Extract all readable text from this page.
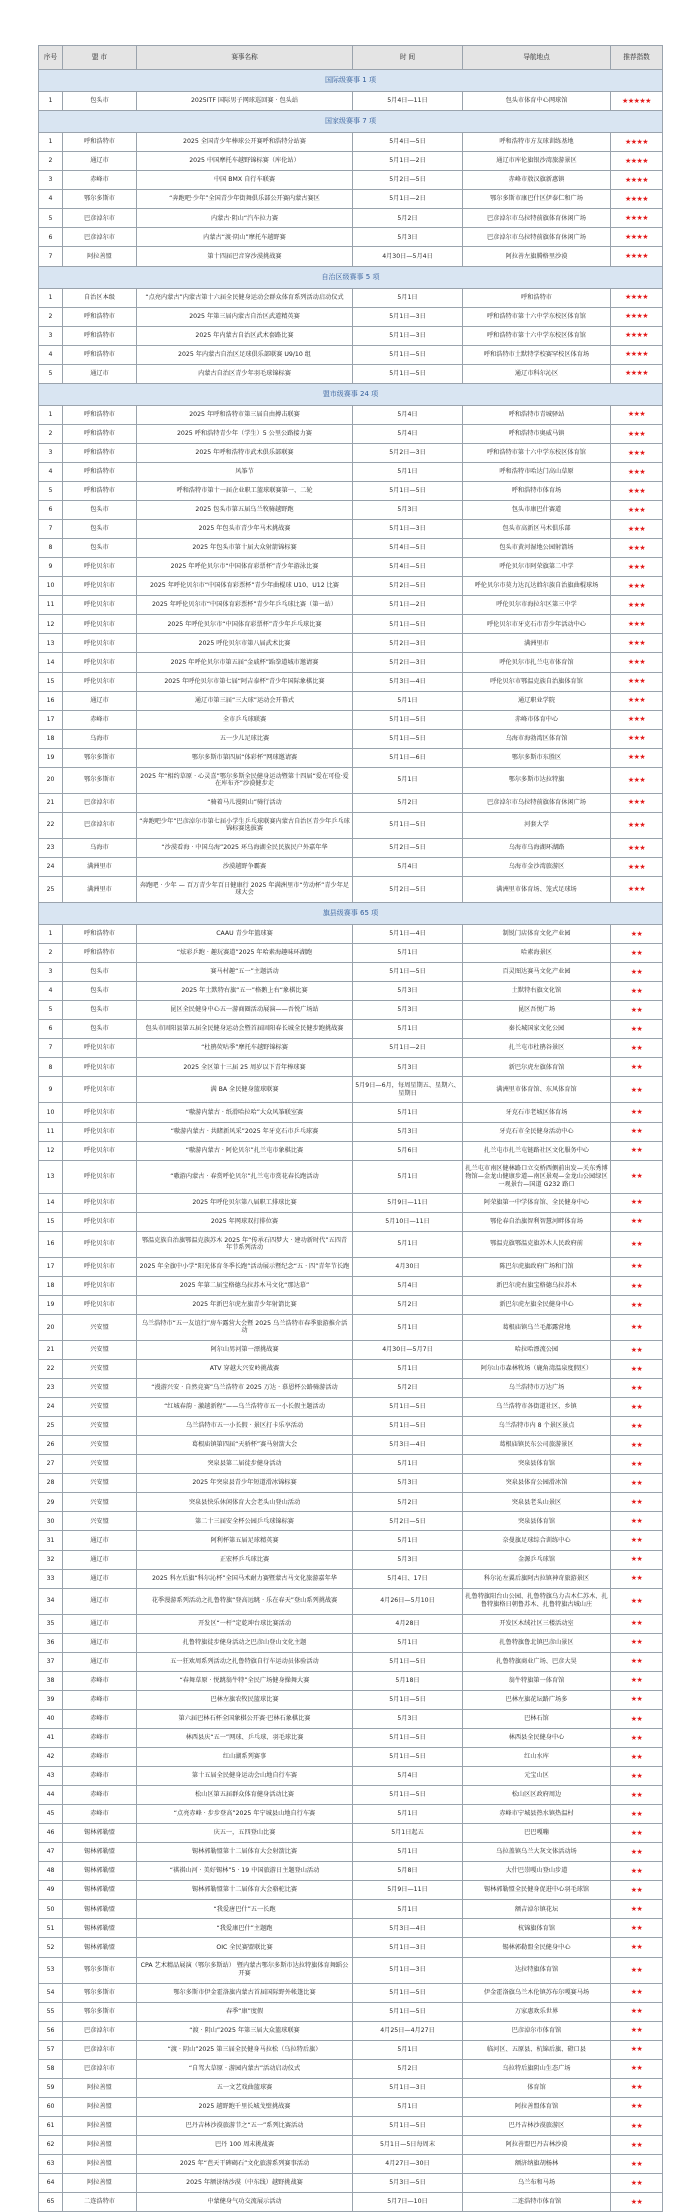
序号	盟 市	赛事名称	时 间	导航地点	推荐指数
国际级赛事 1 项					
1	包头市	2025ITF 国际男子网球巡回赛 · 包头站	5月4日—11日	包头市体育中心网球馆	★★★★★
国家级赛事 7 项					
1	呼和浩特市	2025 全国青少年棒球公开赛呼和浩特分站赛	5月4日—5日	呼和浩特市方友球训练基地	★★★★
2	通辽市	2025 中国摩托车越野锦标赛（库伦站）	5月1日—2日	通辽市库伦旗银沙湾旅游景区	★★★★
3	赤峰市	中国 BMX 自行车联赛	5月2日—5日	赤峰市敖汉旗新惠镇	★★★★
4	鄂尔多斯市	“奔跑吧·少年”全国青少年街舞俱乐部公开赛内蒙古赛区	5月1日—2日	鄂尔多斯市康巴什区伊泰仁和广场	★★★★
5	巴彦淖尔市	内蒙古·阴山“汽车拉力赛	5月2日	巴彦淖尔市乌拉特前旗体育休闲广场	★★★★
6	巴彦淖尔市	内蒙古“渡·阴山”摩托车越野赛	5月3日	巴彦淖尔市乌拉特前旗体育休闲广场	★★★★
7	阿拉善盟	第十四届巴音穿沙漠挑战赛	4月30日—5月4日	阿拉善左旗腾格里沙漠	★★★★
自治区级赛事 5 项					
1	自治区本级	“点亮内蒙古”内蒙古第十六届全民健身运动会群众体育系列活动启动仪式	5月1日	呼和浩特市	★★★★
2	呼和浩特市	2025 年第三届内蒙古自治区武道精英赛	5月1日—3日	呼和浩特市第十六中学东校区体育馆	★★★★
3	呼和浩特市	2025 年内蒙古自治区武术套路比赛	5月1日—3日	呼和浩特市第十六中学东校区体育馆	★★★★
4	呼和浩特市	2025 年内蒙古自治区足球俱乐部联赛 U9/10 组	5月1日—5日	呼和浩特市土默特学校赛罕校区体育场	★★★★
5	通辽市	内蒙古自治区青少年羽毛球锦标赛	5月1日—5日	通辽市科尔沁区	★★★★
盟市级赛事 24 项					
1	呼和浩特市	2025 年呼和浩特市第三届自由搏击联赛	5月4日	呼和浩特市青城驿站	★★★
2	呼和浩特市	2025 呼和浩特青少年（学生）5 公里公路接力赛	5月4日	呼和浩特市奥威马镇	★★★
3	呼和浩特市	2025 年呼和浩特市武术俱乐部联赛	5月2日—3日	呼和浩特市第十六中学东校区体育馆	★★★
4	呼和浩特市	风筝节	5月1日	呼和浩特市哈达门高山草原	★★★
5	呼和浩特市	呼和浩特市第十一届企业职工篮球联赛第一、二轮	5月1日—5日	呼和浩特市体育场	★★★
6	包头市	2025 包头市第五届乌兰牧骑越野跑	5月3日	包头市康巴什赛道	★★★
7	包头市	2025 年包头市青少年马术挑战赛	5月1日—3日	包头市高新区马术俱乐部	★★★
8	包头市	2025 年包头市第十届大众射箭锦标赛	5月4日—5日	包头市黄河湿地公园射箭场	★★★
9	呼伦贝尔市	2025 年呼伦贝尔市“中国体育彩票杯”青少年游泳比赛	5月4日—5日	呼伦贝尔市阿荣旗第二中学	★★★
10	呼伦贝尔市	2025 年呼伦贝尔市“中国体育彩票杯”青少年曲棍球 U10、U12 比赛	5月2日—5日	呼伦贝尔市莫力达瓦达斡尔族自治旗曲棍球场	★★★
11	呼伦贝尔市	2025 年呼伦贝尔市“中国体育彩票杯”青少年乒乓球比赛（第一站）	5月1日—2日	呼伦贝尔市海拉尔区第三中学	★★★
12	呼伦贝尔市	2025 年呼伦贝尔市“中国体育彩票杯”青少年乒乓球比赛	5月1日—5日	呼伦贝尔市牙克石市青少年活动中心	★★★
13	呼伦贝尔市	2025 呼伦贝尔市第八届武术比赛	5月2日—3日	满洲里市	★★★
14	呼伦贝尔市	2025 年呼伦贝尔市第五届“金戚杯”跆拳道城市邀请赛	5月2日—3日	呼伦贝尔市扎兰屯市体育馆	★★★
15	呼伦贝尔市	2025 年呼伦贝尔市第七届“阿吉泰杯”青少年国际象棋比赛	5月3日—4日	呼伦贝尔市鄂温克族自治旗体育馆	★★★
16	通辽市	通辽市第三届“三大球”运动会开幕式	5月1日	通辽职业学院	★★★
17	赤峰市	全市乒乓球联赛	5月1日—5日	赤峰市体育中心	★★★
18	乌海市	五一少儿足球比赛	5月1日—5日	乌海市海勃湾区体育馆	★★★
19	鄂尔多斯市	鄂尔多斯市第四届“体彩杯”网球邀请赛	5月1日—6日	鄂尔多斯市东胜区	★★★
20	鄂尔多斯市	2025 年“相约草原 · 心灵喜”鄂尔多斯全民健身运动暨第十四届“爱在可俭·爱在库布齐”沙漠健步走	5月1日	鄂尔多斯市达拉特旗	★★★
21	巴彦淖尔市	“骑着马儿漫阴山”骑行活动	5月2日	巴彦淖尔市乌拉特前旗体育休闲广场	★★★
22	巴彦淖尔市	“奔跑吧少年”巴彦淖尔市第七届小学生乒乓球联赛内蒙古自治区青少年乒乓球锦标赛选拔赛	5月1日—5日	河套大学	★★★
23	乌海市	“沙漠看海 · 中国乌海”2025 环乌海湖全民民族民户外嘉年华	5月2日—5日	乌海市乌海湖环湖路	★★★
24	满洲里市	沙漠越野争霸赛	5月4日	乌海市金沙湾旅游区	★★★
25	满洲里市	奔跑吧 · 少年 — 百万青少年百日健康行 2025 年满洲里市“劳动杯”青少年足球大会	5月2日—5日	满洲里市体育场、笼式足球场	★★★
旗县级赛事 65 项					
1	呼和浩特市	CAAU 青少年篮球赛	5月1日—4日	制锐门店体育文化产业园	★★
2	呼和浩特市	“炫彩乒跑 · 趣玩赛道”2025 年哈素海趣味环湖跑	5月1日	哈素海景区	★★
3	包头市	赛马村趣“五一”主题活动	5月1日—5日	百灵图达赛马文化产业园	★★
4	包头市	2025 年土默特右旗“五一”格鹅上右“象棋比赛	5月3日	土默特右旗文化馆	★★
5	包头市	昆区全民健身中心五一游商圈活动展演——吾悦广场站	5月3日	昆区吾悦广场	★★
6	包头市	包头市固阳县第五届全民健身运动会暨首届固阳春长城全民健步跑挑战赛	5月1日	秦长城国家文化公园	★★
7	呼伦贝尔市	“杜鹃荧咕季”摩托车越野锦标赛	5月1日—2日	扎兰屯市杜鹃谷景区	★★
8	呼伦贝尔市	2025 全区第十三届 25 周岁以下青年棒球赛	5月3日	新巴尔虎左旗体育馆	★★
9	呼伦贝尔市	满 BA 全民健身篮球联赛	5月9日—6月，每周星期五、星期六、星期日	满洲里市体育馆、东风体育馆	★★
10	呼伦贝尔市	“嗷游内蒙古 · 纸滑哈拉哈”大众风筝联室赛	5月1日	牙克石市老城区体育场	★★
11	呼伦贝尔市	“嗷游内蒙古 · 共睹新风采”2025 年牙克石市乒乓球赛	5月3日	牙克石市全民健身活动中心	★★
12	呼伦贝尔市	“嗷游内蒙古 · 阿伦贝尔”扎兰屯市象棋比赛	5月6日	扎兰屯市扎兰屯链路社区文化服务中心	★★
13	呼伦贝尔市	“嗷游内蒙古 · 春赏呼伦贝尔”扎兰屯市赏花春长跑活动	5月1日	扎兰屯市南区健林路口立交桥西侧前出发—关东秀博物馆—金龙山健康步道—南区景观—金龙山公园绿区一观景台—国道 G232 路口	★★
14	呼伦贝尔市	2025 年呼伦贝尔第八届职工排球比赛	5月9日—11日	阿荣旗第一中学体育馆、全民健身中心	★★
15	呼伦贝尔市	2025 年网球双打排位赛	5月10日—11日	鄂伦春自治旗智利智慧河畔体育场	★★
16	呼伦贝尔市	鄂温克族自治旗鄂温克族苏木 2025 年“传承石四梦大 · 建功新时代”五四青年节系列活动	5月1日	鄂温克旗鄂温克旗苏木人民政府前	★★
17	呼伦贝尔市	2025 年全旗中小学“阳光体育冬季长跑”活动展示暨纪念“五 · 四”青年节长跑	4月30日	陈巴尔虎旗政府广场和门馆	★★
18	呼伦贝尔市	2025 年第二届宝格德乌拉苏木马文化“那达慕”	5月4日	新巴尔虎右旗宝格德乌拉苏木	★★
19	呼伦贝尔市	2025 年新巴尔虎左旗青少年射箭比赛	5月2日	新巴尔虎左旗全民健身中心	★★
20	兴安盟	乌兰浩特市“五一友谊行”房车露营大会暨 2025 乌兰浩特市春季旅游推介活动	5月1日	葛根庙镇乌兰毛都露营地	★★
21	兴安盟	阿尔山男河第一漂挑战赛	4月30日—5月7日	哈拉哈漂流公园	★★
22	兴安盟	ATV 穿越大兴安岭挑战赛	5月1日	阿尔山市森林牧场（鹿角湾温泉度假区）	★★
23	兴安盟	“漫游兴安 · 自然竞赛”乌兰浩特市 2025 万达 · 慕恩杯公路骑游活动	5月2日	乌兰浩特市万达广场	★★
24	兴安盟	“红城春韵 · 激越新程”——乌兰浩特市五一小长假主题活动	5月1日—5日	乌兰浩特市各街道社区、乡镇	★★
25	兴安盟	乌兰浩特市五一小长假 · 景区打卡乐享活动	5月1日—5日	乌兰浩特市内 8 个景区景点	★★
26	兴安盟	葛根庙镇第四届“天骄杯”赛马射箭大会	5月3日—4日	葛根庙镇民东公司旅游景区	★★
27	兴安盟	突泉县第二届徒步健身活动	5月1日	突泉县体育馆	★★
28	兴安盟	2025 年突泉县青少年短道滑冰锦标赛	5月3日	突泉县体育公园滑冰馆	★★
29	兴安盟	突泉县快乐休闲体育大会老头山登山活动	5月2日	突泉县老头山景区	★★
30	兴安盟	第二十三届安全杯公园乒乓球锦标赛	5月2日—5日	突泉县体育馆	★★
31	通辽市	阿利杯第五届足球精英赛	5月1日	奈曼旗足球综合训练中心	★★
32	通辽市	正宏杯乒乓球比赛	5月3日	金源乒乓球馆	★★
33	通辽市	2025 科左后旗“科尔沁杯”全国马术耐力赛暨蒙古马文化旅游嘉年华	5月4日、17日	科尔沁左翼后旗阿古拉镇神奇旅游景区	★★
34	通辽市	花季漫游系列活动之扎鲁特旗“登高远眺 · 乐在春天”登山系列挑战赛	4月26日—5月10日	扎鲁特旗阳台山公园、扎鲁特旗乌力吉木仁苏木、扎鲁特旗格日朝鲁苏木、扎鲁特旗古城山庄	★★
35	通辽市	开发区“一杆”定乾坤台球比赛活动	4月28日	开发区木绒社区三楼活动室	★★
36	通辽市	扎鲁特旗徒步健身活动之巴彦山登山文化主题	5月1日	扎鲁特旗鲁北镇巴彦山景区	★★
37	通辽市	五一狂欢周系列活动之扎鲁特旗自行车运动员体验活动	5月1日—5日	扎鲁特旗商业广场、巴彦大昊	★★
38	赤峰市	“春舞草原 · 悦跳翁牛特”全民广场健身操舞大赛	5月18日	翁牛特旗第一体育馆	★★
39	赤峰市	巴林左旗农牧民篮球比赛	5月1日—5日	巴林左旗花坛路广场多	★★
40	赤峰市	第六届巴林石杯全国象棋公开赛·巴林石象棋比赛	5月3日	巴林石馆	★★
41	赤峰市	林西县庆“五一”网球、乒乓球、羽毛球比赛	5月1日—5日	林西县全民健身中心	★★
42	赤峰市	红山湖系列赛事	5月1日—5日	红山水库	★★
43	赤峰市	第十五届全民健身运动会山地自行车赛	5月4日	元宝山区	★★
44	赤峰市	松山区第五届群众体育健身活动比赛	5月1日—5日	松山区区政府周边	★★
45	赤峰市	“点亮赤峰 · 步步登高”2025 年宁城县山地自行车赛	5月1日	赤峰市宁城县热水镇热温村	★★
46	锡林郭勒盟	庆五一，五四登山比赛	5月1日起五	巴巴嘎嘣	★★
47	锡林郭勒盟	锡林郭勒盟第十二届体育大会射箭比赛	5月1日	乌拉盖镇乌兰大灰文体活动场	★★
48	锡林郭勒盟	“祺祺山河 · 美好锡林”5 · 19 中国旅游日主题登山活动	5月8日	大什巴崇嘎山登山步道	★★
49	锡林郭勒盟	锡林郭勒盟第十二届体育大会骆驼比赛	5月9日—11日	锡林郭勒盟全民健身促进中心羽毛球馆	★★
50	锡林郭勒盟	“我爱唐巴什”五一长跑	5月1日	额吉淖尔镇花坛	★★
51	锡林郭勒盟	“我爱康巴什”主题跑	5月3日—4日	杭锦旗体育馆	★★
52	锡林郭勒盟	OIC 全民赛盟联比赛	5月1日—3日	锡林郭勒盟全民健身中心	★★
53	鄂尔多斯市	CPA 艺术精品展演（鄂尔多斯站） 暨内蒙古鄂尔多斯市达拉特旗体育舞蹈公开赛	5月1日—3日	达拉特旗体育馆	★★
54	鄂尔多斯市	鄂尔多斯市伊金霍洛旗内蒙古首届国际野外帐篷比赛	5月1日—5日	伊金霍洛旗乌兰木伦镇苏布尔嘎赛马场	★★
55	鄂尔多斯市	春季“康”度假	5月1日—5日	万家惠欢乐世界	★★
56	巴彦淖尔市	“渡 · 阴山”2025 年第三届大众篮球联赛	4月25日—4月27日	巴彦淖尔市体育馆	★★
57	巴彦淖尔市	“渡 · 阴山”2025 第三届全民健身马拉松（乌拉特后旗）	5月1日	临河区、五原县、杭锦后旗、磴口县	★★
58	巴彦淖尔市	“自驾大草原 · 游园内蒙古”活动启动仪式	5月2日	乌拉特后旗阴山生态广场	★★
59	阿拉善盟	五一文艺戏曲篮球赛	5月1日—3日	体育馆	★★
60	阿拉善盟	2025 越野跑千里长城戈壁挑战赛	5月1日	阿拉善盟体育馆	★★
61	阿拉善盟	巴丹吉林沙漠旅游节之“五一”系列比赛活动	5月1日—5日	巴丹吉林沙漠旅游区	★★
62	阿拉善盟	巴丹 100 周末挑战赛	5月1日—5日每周末	阿拉善盟巴丹吉林沙漠	★★
63	阿拉善盟	2025 年“芭天干碑碣石”文化旅游系列赛事活动	4月27日—30日	额济纳旗胡杨林	★★
64	阿拉善盟	2025 年额济纳沙漠（中东线）越野挑战赛	5月3日—5日	乌兰布和马场	★★
65	二连浩特市	中蒙健身气功交流展示活动	5月7日—10日	二连浩特市体育馆	★★
